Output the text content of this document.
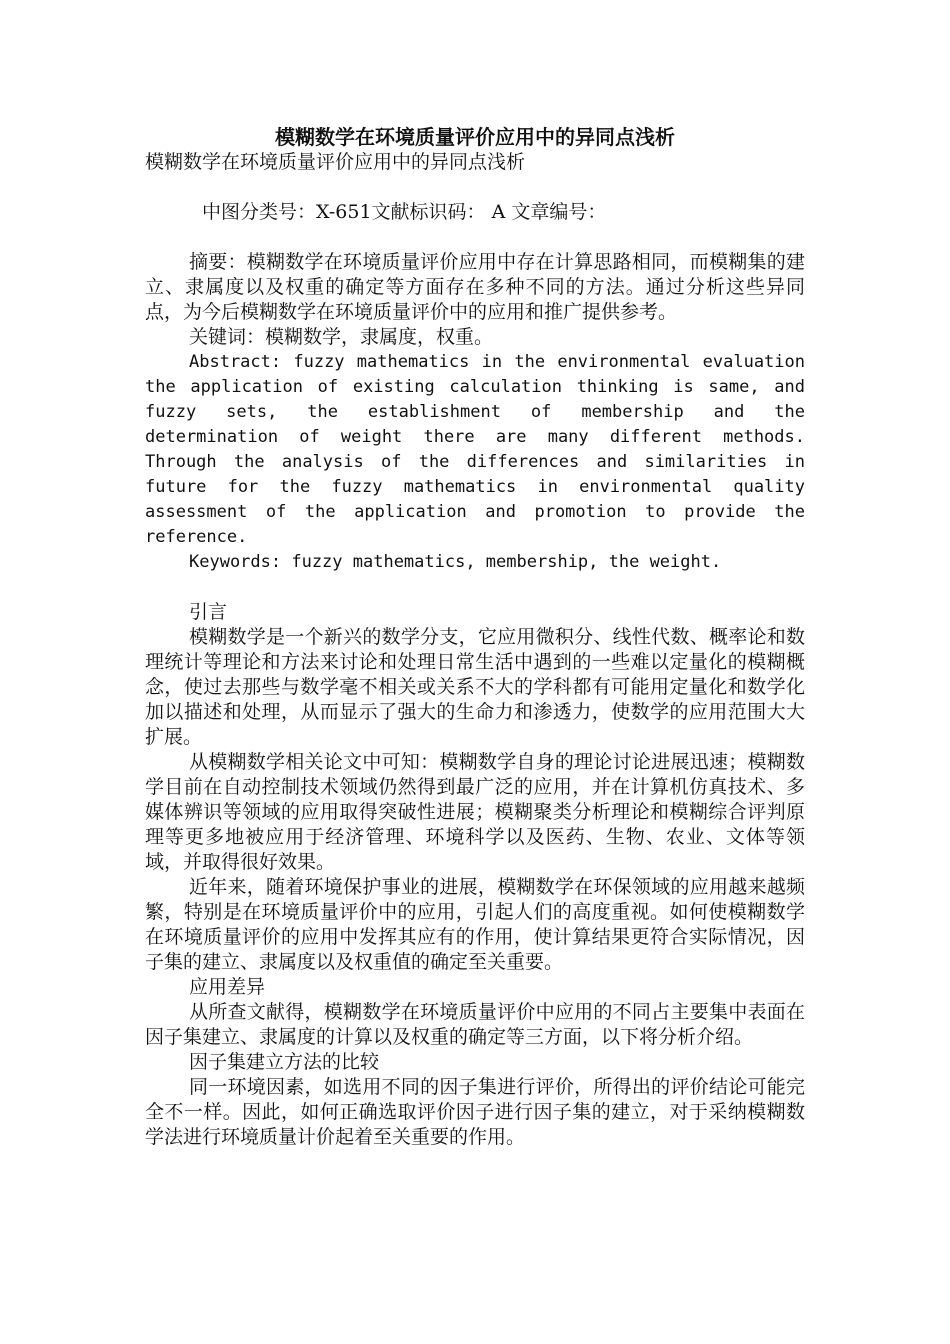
模糊数学在环境质量评价应用中的异同点浅析

模糊数学在环境质量评价应用中的异同点浅析

中图分类号：X-651文献标识码： A 文章编号：

摘要：模糊数学在环境质量评价应用中存在计算思路相同，而模糊集的建立、隶属度以及权重的确定等方面存在多种不同的方法。通过分析这些异同点，为今后模糊数学在环境质量评价中的应用和推广提供参考。

关键词：模糊数学，隶属度，权重。

Abstract: fuzzy mathematics in the environmental evaluation the application of existing calculation thinking is same, and fuzzy sets, the establishment of membership and the determination of weight there are many different methods. Through the analysis of the differences and similarities in future for the fuzzy mathematics in environmental quality assessment of the application and promotion to provide the reference.

Keywords: fuzzy mathematics, membership, the weight.

引言

模糊数学是一个新兴的数学分支，它应用微积分、线性代数、概率论和数理统计等理论和方法来讨论和处理日常生活中遇到的一些难以定量化的模糊概念，使过去那些与数学毫不相关或关系不大的学科都有可能用定量化和数学化加以描述和处理，从而显示了强大的生命力和渗透力，使数学的应用范围大大扩展。

从模糊数学相关论文中可知：模糊数学自身的理论讨论进展迅速；模糊数学目前在自动控制技术领域仍然得到最广泛的应用，并在计算机仿真技术、多媒体辨识等领域的应用取得突破性进展；模糊聚类分析理论和模糊综合评判原理等更多地被应用于经济管理、环境科学以及医药、生物、农业、文体等领域，并取得很好效果。

近年来，随着环境保护事业的进展，模糊数学在环保领域的应用越来越频繁，特别是在环境质量评价中的应用，引起人们的高度重视。如何使模糊数学在环境质量评价的应用中发挥其应有的作用，使计算结果更符合实际情况，因子集的建立、隶属度以及权重值的确定至关重要。

应用差异

从所查文献得，模糊数学在环境质量评价中应用的不同占主要集中表面在因子集建立、隶属度的计算以及权重的确定等三方面，以下将分析介绍。

因子集建立方法的比较

同一环境因素，如选用不同的因子集进行评价，所得出的评价结论可能完全不一样。因此，如何正确选取评价因子进行因子集的建立，对于采纳模糊数学法进行环境质量计价起着至关重要的作用。
